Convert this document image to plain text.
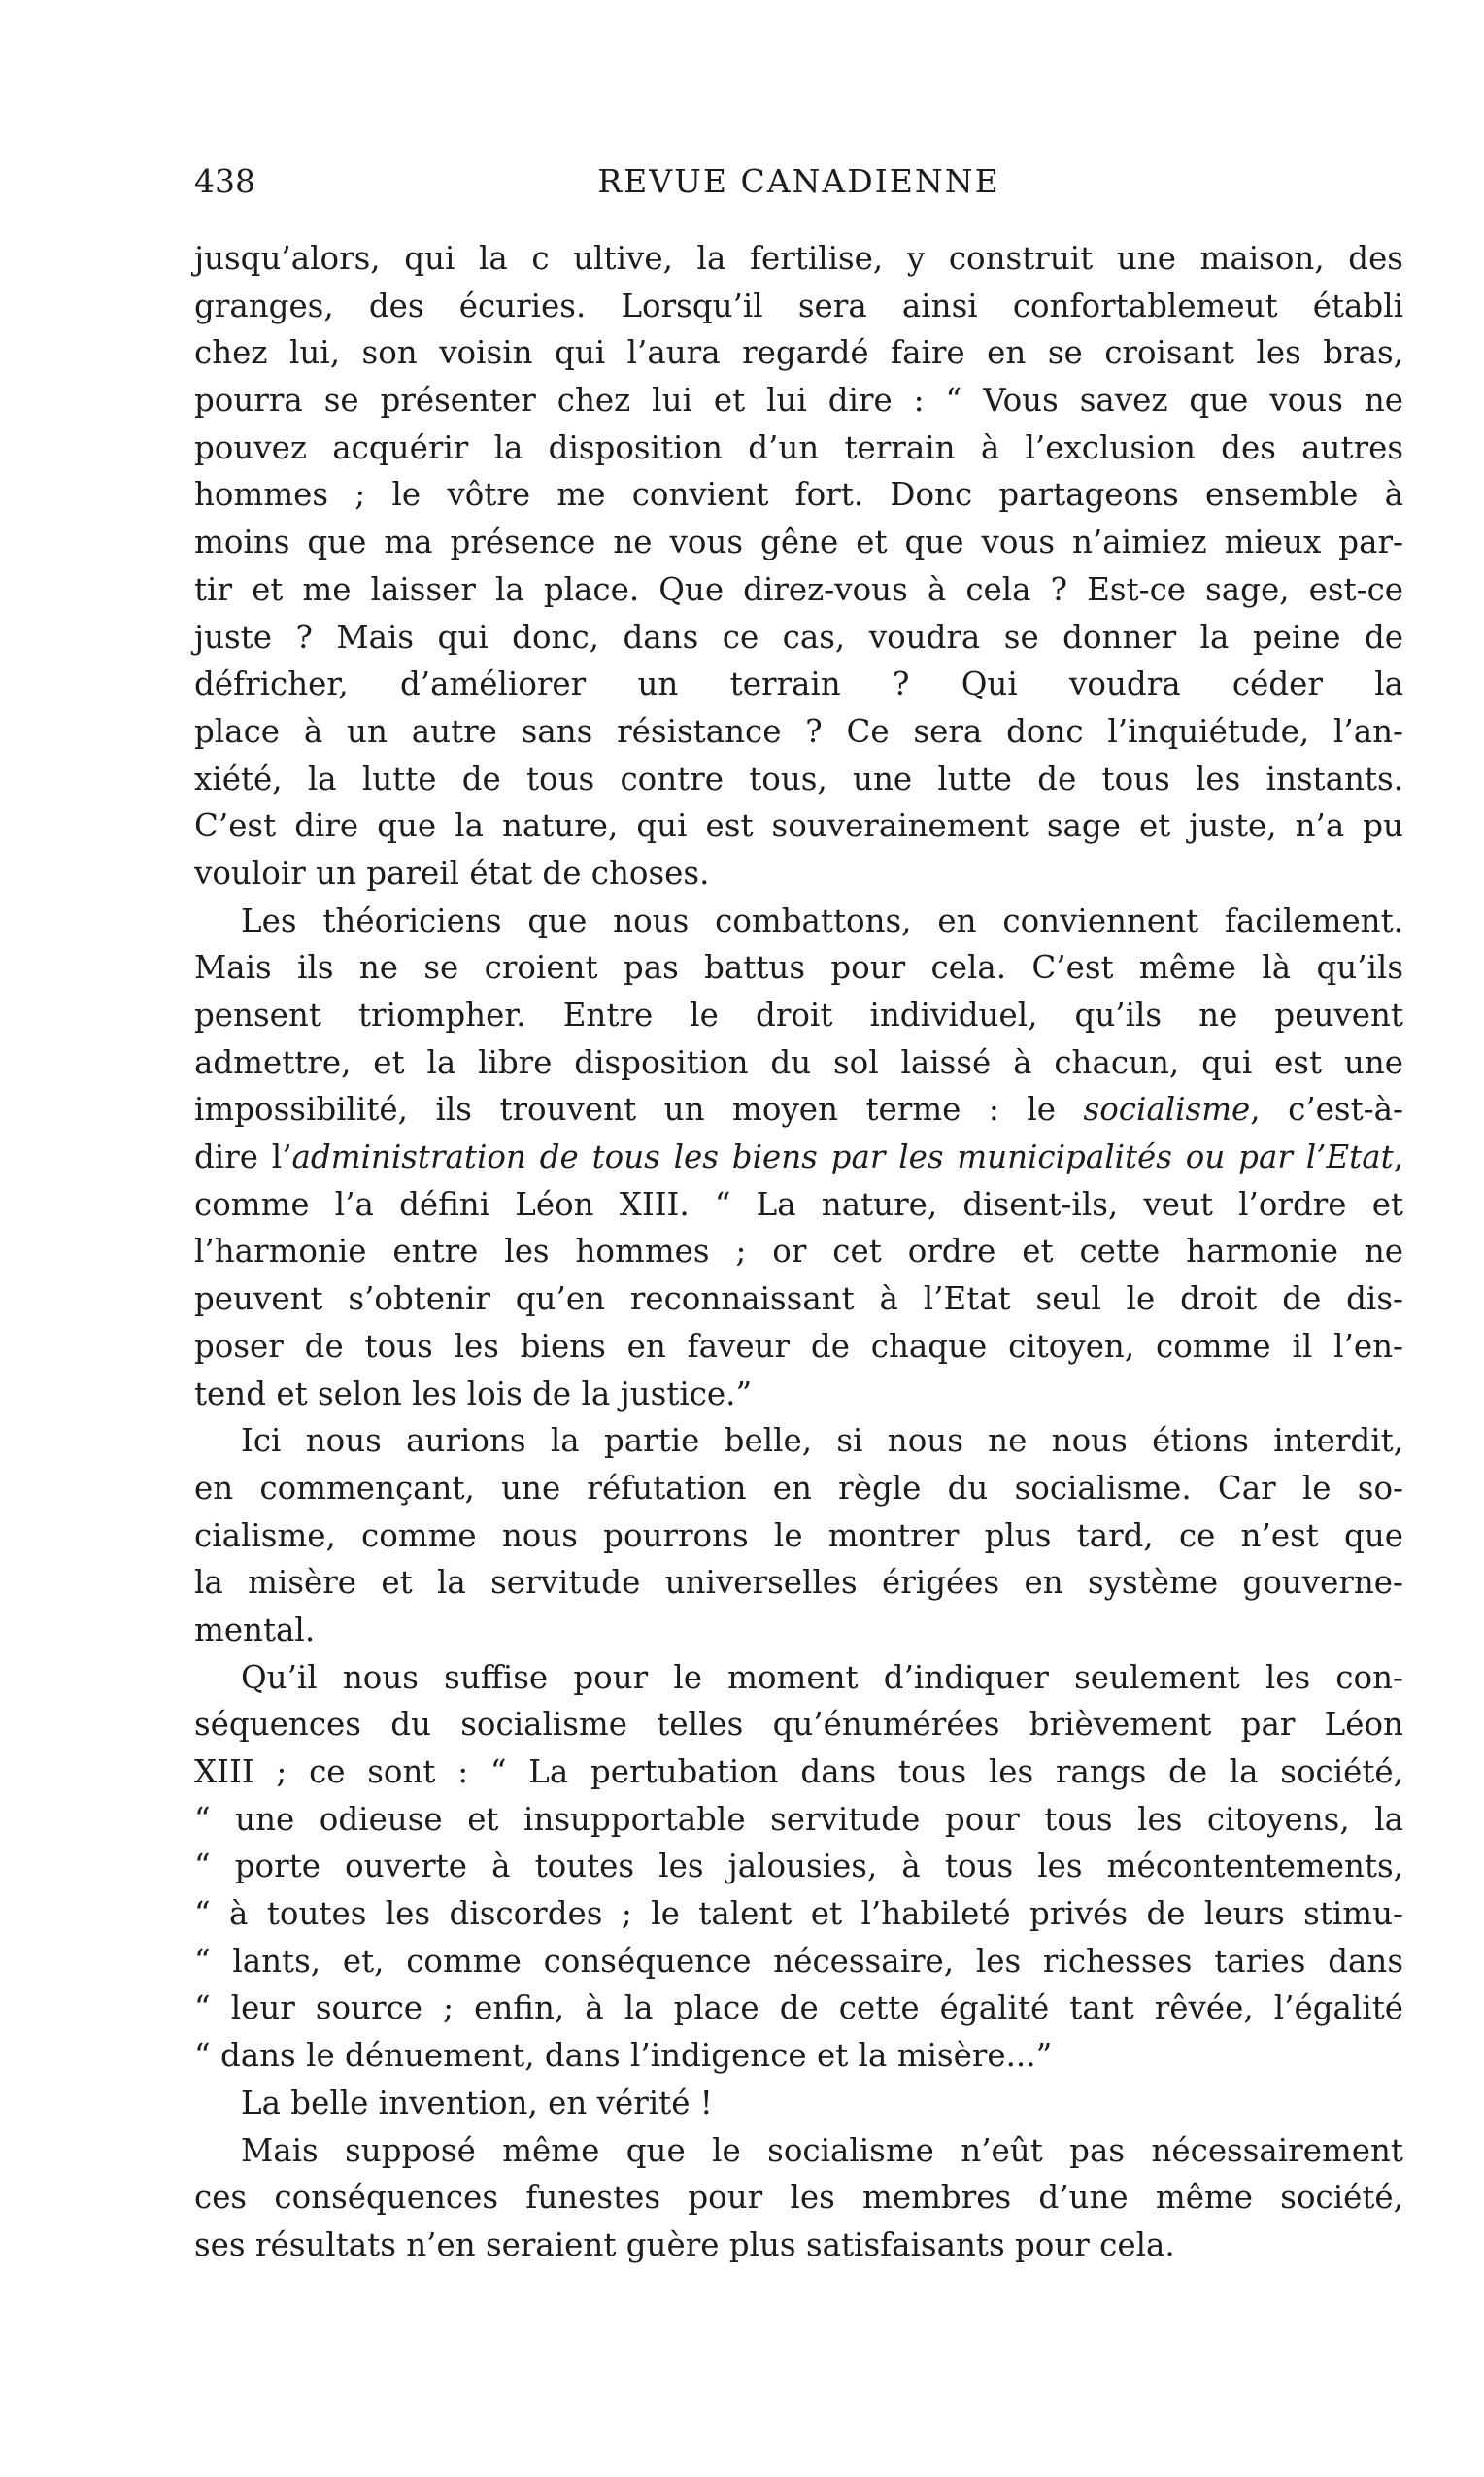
438	REVUE CANADIENNE
jusqu’alors, qui la c ultive, la fertilise, y construit une maison, des
granges, des écuries. Lorsqu’il sera ainsi confortablemeut établi
chez lui, son voisin qui l’aura regardé faire en se croisant les bras,
pourra se présenter chez lui et lui dire : “ Vous savez que vous ne
pouvez acquérir la disposition d’un terrain à l’exclusion des autres
hommes ; le vôtre me convient fort. Donc partageons ensemble à
moins que ma présence ne vous gêne et que vous n’aimiez mieux par-
tir et me laisser la place. Que direz-vous à cela ? Est-ce sage, est-ce
juste ? Mais qui donc, dans ce cas, voudra se donner la peine de
défricher, d’améliorer un terrain ? Qui voudra céder la
place à un autre sans résistance ? Ce sera donc l’inquiétude, l’an-
xiété, la lutte de tous contre tous, une lutte de tous les instants.
C’est dire que la nature, qui est souverainement sage et juste, n’a pu
vouloir un pareil état de choses.
Les théoriciens que nous combattons, en conviennent facilement.
Mais ils ne se croient pas battus pour cela. C’est même là qu’ils
pensent triompher. Entre le droit individuel, qu’ils ne peuvent
admettre, et la libre disposition du sol laissé à chacun, qui est une
impossibilité, ils trouvent un moyen terme : le socialisme, c’est-à-
dire l’administration de tous les biens par les municipalités ou par l’Etat,
comme l’a défini Léon XIII. “ La nature, disent-ils, veut l’ordre et
l’harmonie entre les hommes ; or cet ordre et cette harmonie ne
peuvent s’obtenir qu’en reconnaissant à l’Etat seul le droit de dis-
poser de tous les biens en faveur de chaque citoyen, comme il l’en-
tend et selon les lois de la justice.”
Ici nous aurions la partie belle, si nous ne nous étions interdit,
en commençant, une réfutation en règle du socialisme. Car le so-
cialisme, comme nous pourrons le montrer plus tard, ce n’est que
la misère et la servitude universelles érigées en système gouverne-
mental.
Qu’il nous suffise pour le moment d’indiquer seulement les con-
séquences du socialisme telles qu’énumérées brièvement par Léon
XIII ; ce sont : “ La pertubation dans tous les rangs de la société,
“ une odieuse et insupportable servitude pour tous les citoyens, la
“ porte ouverte à toutes les jalousies, à tous les mécontentements,
“ à toutes les discordes ; le talent et l’habileté privés de leurs stimu-
“ lants, et, comme conséquence nécessaire, les richesses taries dans
“ leur source ; enfin, à la place de cette égalité tant rêvée, l’égalité
“ dans le dénuement, dans l’indigence et la misère...”
La belle invention, en vérité !
Mais supposé même que le socialisme n’eût pas nécessairement
ces conséquences funestes pour les membres d’une même société,
ses résultats n’en seraient guère plus satisfaisants pour cela.
